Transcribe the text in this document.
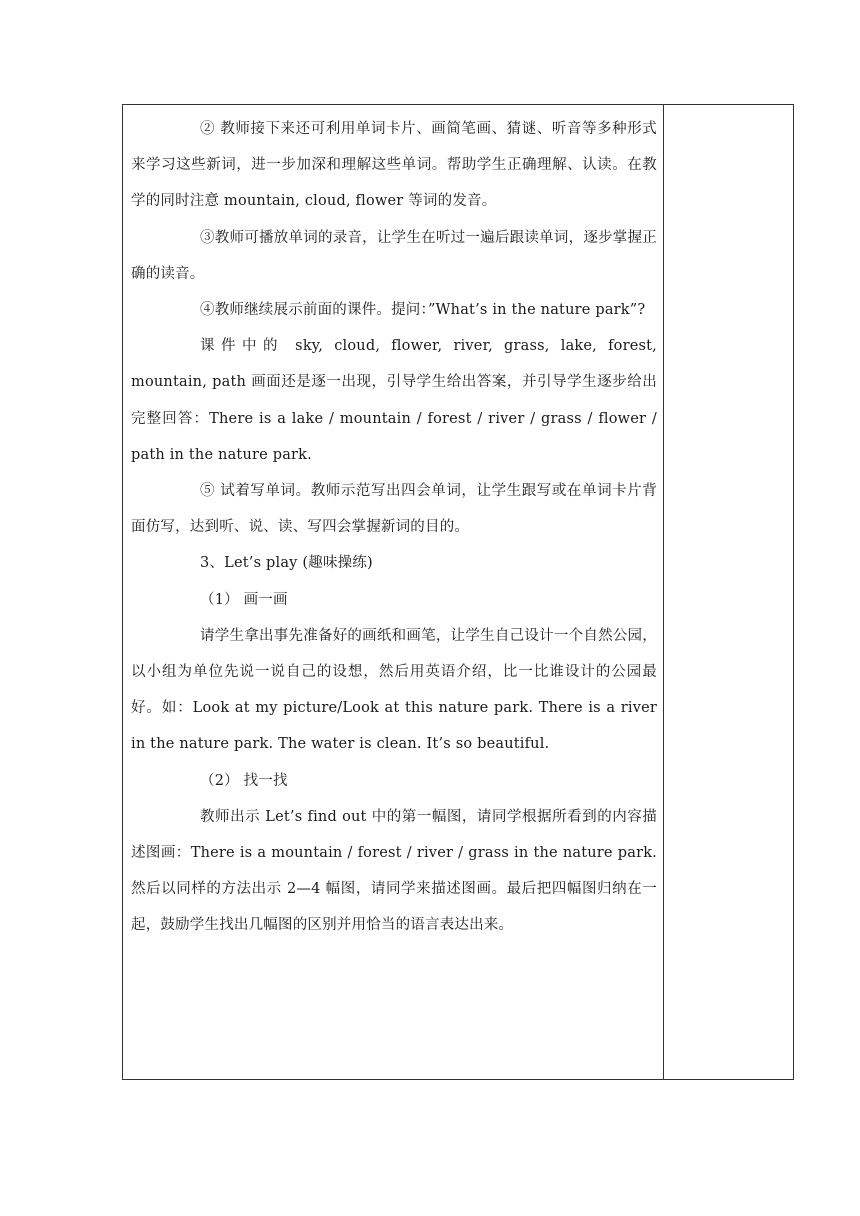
② 教师接下来还可利用单词卡片、画简笔画、猜谜、听音等多种形式来学习这些新词，进一步加深和理解这些单词。帮助学生正确理解、认读。在教学的同时注意 mountain, cloud, flower 等词的发音。

③教师可播放单词的录音，让学生在听过一遍后跟读单词，逐步掌握正确的读音。

④教师继续展示前面的课件。提问：”What’s in the nature park”?

课件中的 sky, cloud, flower, river, grass, lake, forest, mountain, path 画面还是逐一出现，引导学生给出答案，并引导学生逐步给出完整回答：There is a lake / mountain / forest / river / grass / flower / path in the nature park.

⑤ 试着写单词。教师示范写出四会单词，让学生跟写或在单词卡片背面仿写，达到听、说、读、写四会掌握新词的目的。

3、Let’s play (趣味操练)

（1） 画一画

请学生拿出事先准备好的画纸和画笔，让学生自己设计一个自然公园，以小组为单位先说一说自己的设想，然后用英语介绍，比一比谁设计的公园最好。如：Look at my picture/Look at this nature park. There is a river in the nature park. The water is clean. It’s so beautiful.

（2） 找一找

教师出示 Let’s find out 中的第一幅图，请同学根据所看到的内容描述图画：There is a mountain / forest / river / grass in the nature park. 然后以同样的方法出示 2—4 幅图，请同学来描述图画。最后把四幅图归纳在一起，鼓励学生找出几幅图的区别并用恰当的语言表达出来。
